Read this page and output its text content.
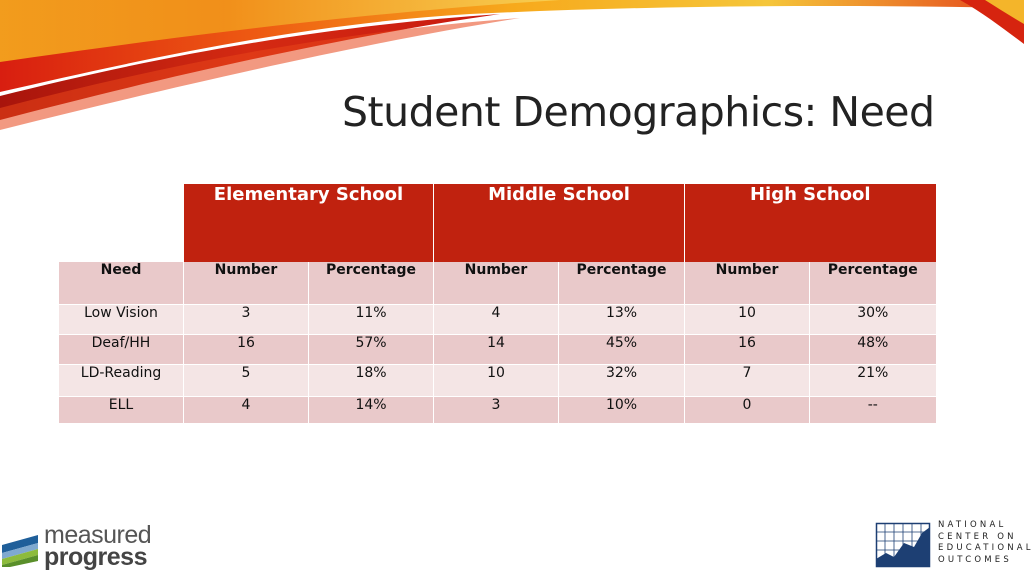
Student Demographics: Need
	Elementary School		Middle School		High School	
Need	Number	Percentage	Number	Percentage	Number	Percentage
Low Vision	3	11%	4	13%	10	30%
Deaf/HH	16	57%	14	45%	16	48%
LD-Reading	5	18%	10	32%	7	21%
ELL	4	14%	3	10%	0	--
measured
progress
NATIONAL
CENTER ON
EDUCATIONAL
OUTCOMES
